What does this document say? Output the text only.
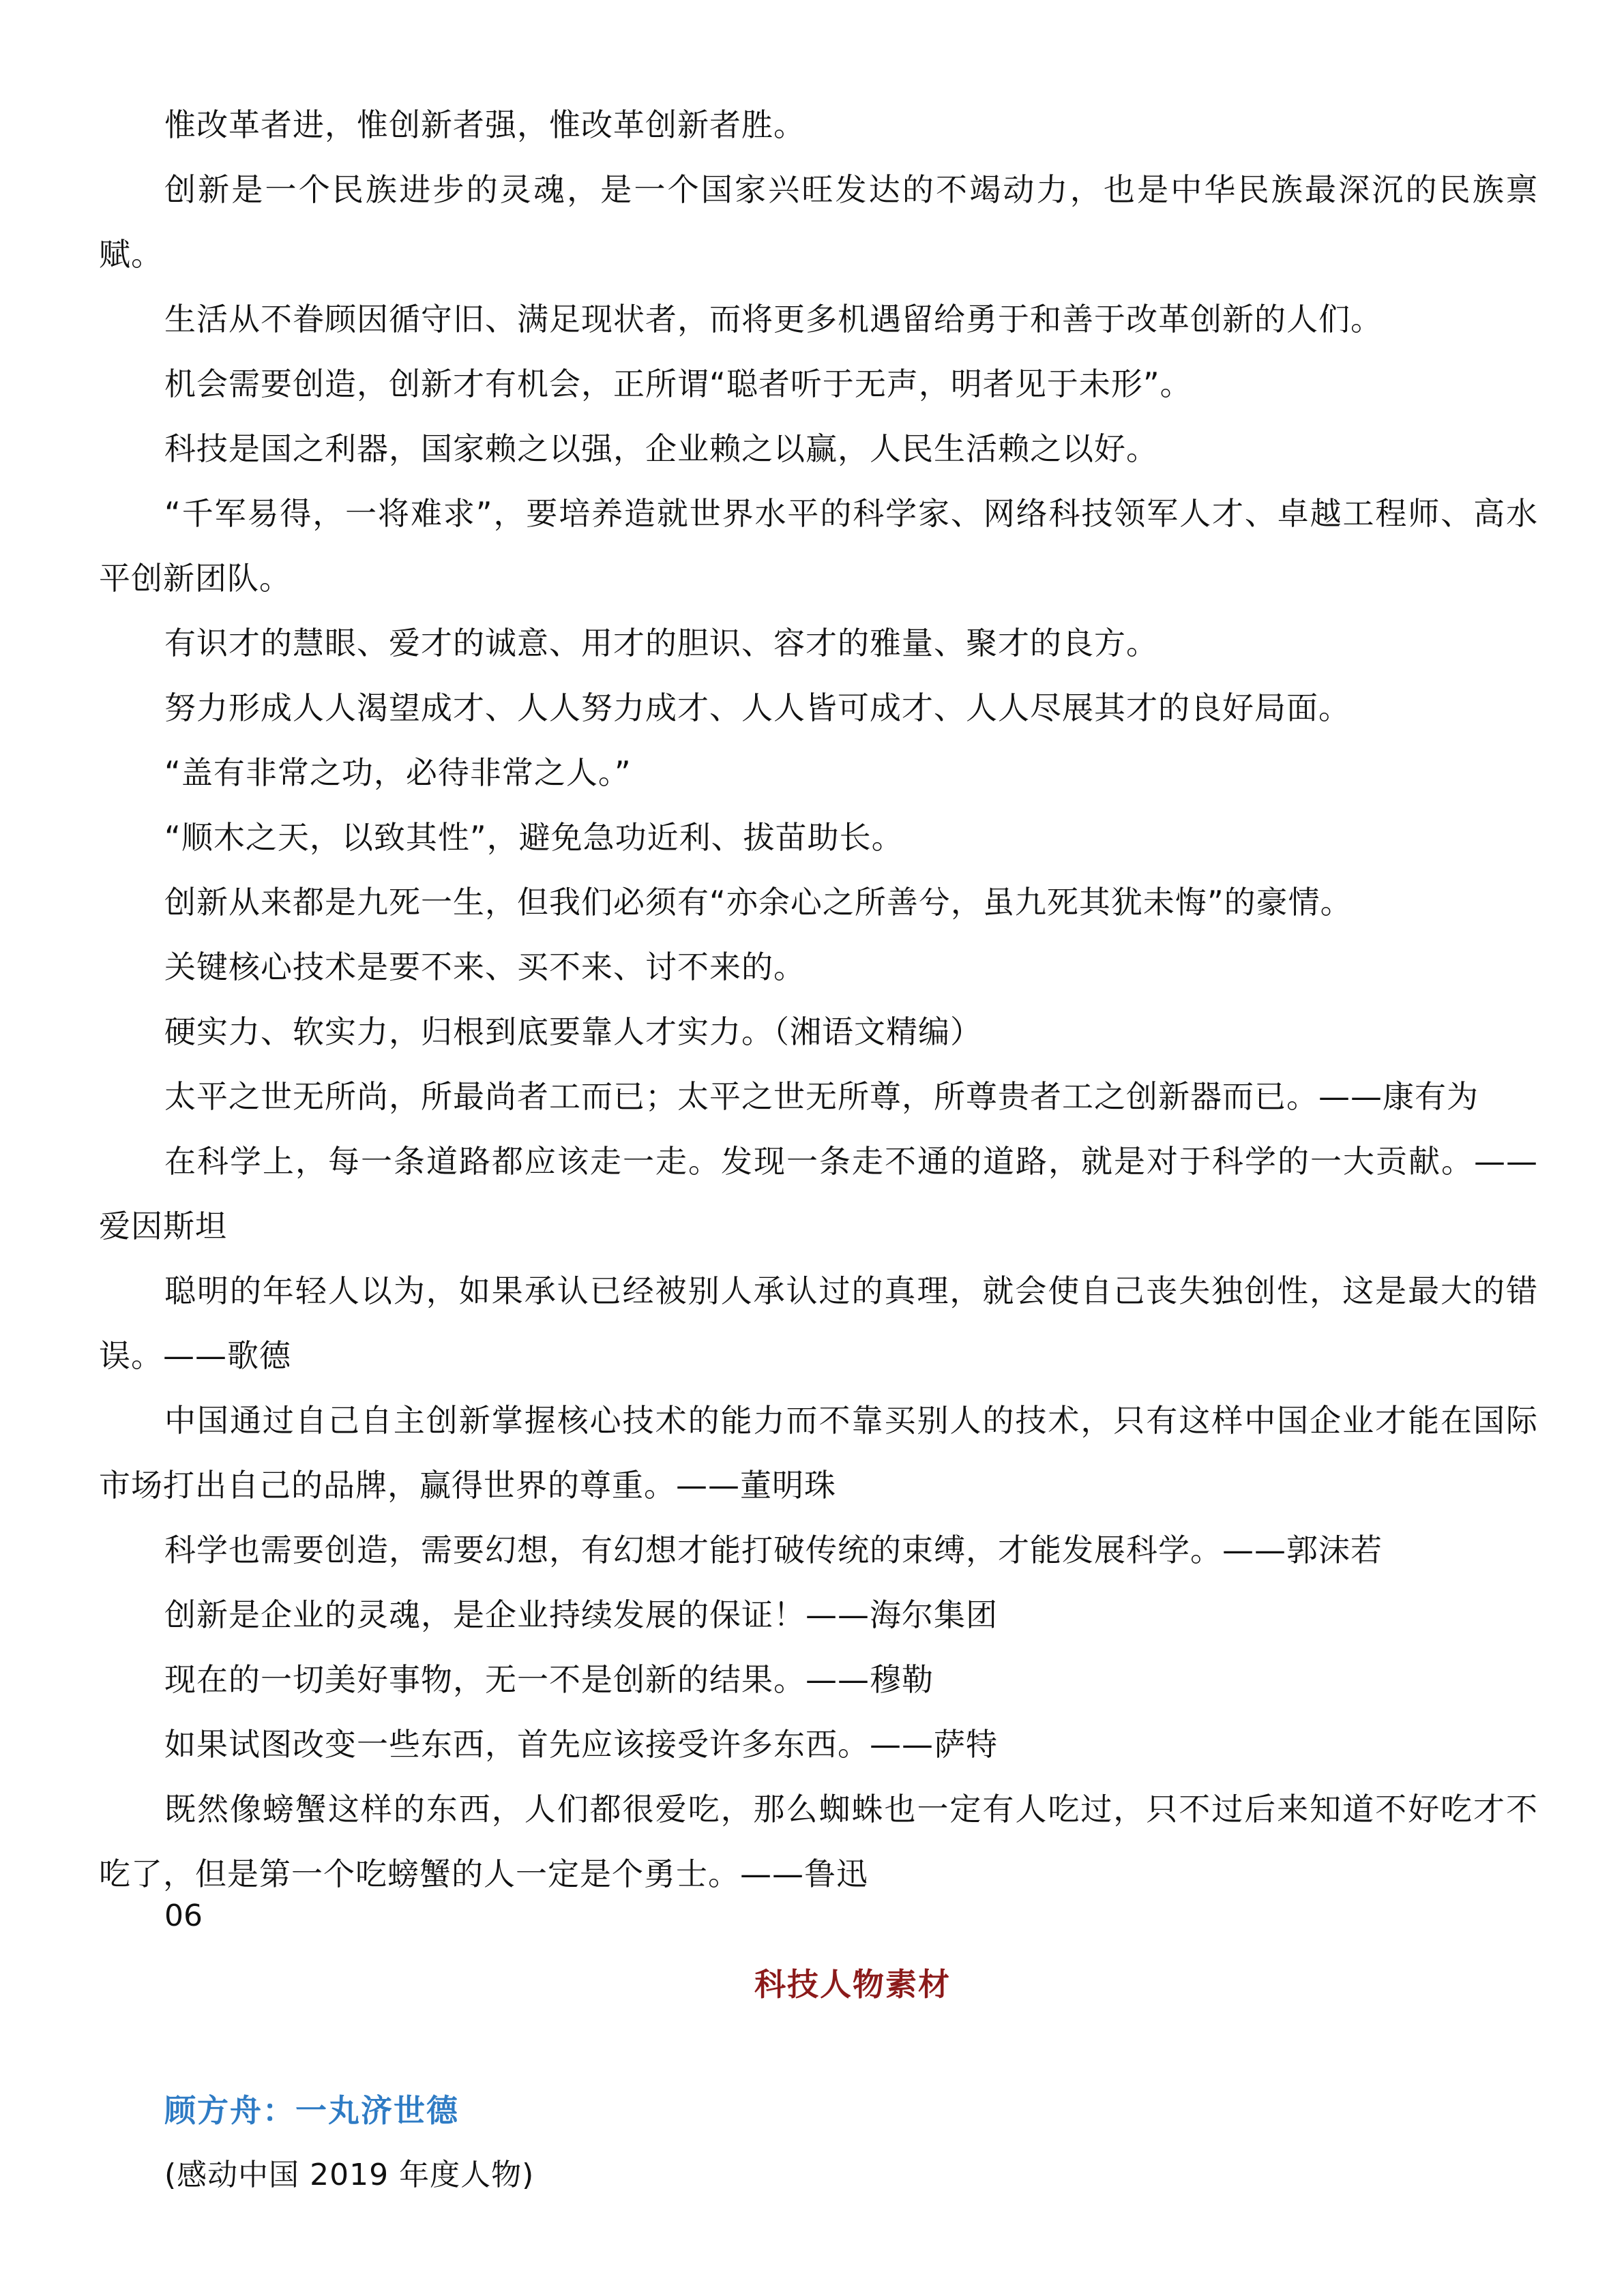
惟改革者进，惟创新者强，惟改革创新者胜。

创新是一个民族进步的灵魂，是一个国家兴旺发达的不竭动力，也是中华民族最深沉的民族禀赋。

生活从不眷顾因循守旧、满足现状者，而将更多机遇留给勇于和善于改革创新的人们。

机会需要创造，创新才有机会，正所谓“聪者听于无声，明者见于未形”。

科技是国之利器，国家赖之以强，企业赖之以赢，人民生活赖之以好。

“千军易得，一将难求”，要培养造就世界水平的科学家、网络科技领军人才、卓越工程师、高水平创新团队。

有识才的慧眼、爱才的诚意、用才的胆识、容才的雅量、聚才的良方。

努力形成人人渴望成才、人人努力成才、人人皆可成才、人人尽展其才的良好局面。

“盖有非常之功，必待非常之人。”

“顺木之天，以致其性”，避免急功近利、拔苗助长。

创新从来都是九死一生，但我们必须有“亦余心之所善兮，虽九死其犹未悔”的豪情。

关键核心技术是要不来、买不来、讨不来的。

硬实力、软实力，归根到底要靠人才实力。（湘语文精编）

太平之世无所尚，所最尚者工而已；太平之世无所尊，所尊贵者工之创新器而已。——康有为

在科学上，每一条道路都应该走一走。发现一条走不通的道路，就是对于科学的一大贡献。——爱因斯坦

聪明的年轻人以为，如果承认已经被别人承认过的真理，就会使自己丧失独创性，这是最大的错误。——歌德

中国通过自己自主创新掌握核心技术的能力而不靠买别人的技术，只有这样中国企业才能在国际市场打出自己的品牌，赢得世界的尊重。——董明珠

科学也需要创造，需要幻想，有幻想才能打破传统的束缚，才能发展科学。——郭沫若

创新是企业的灵魂，是企业持续发展的保证！——海尔集团

现在的一切美好事物，无一不是创新的结果。——穆勒

如果试图改变一些东西，首先应该接受许多东西。——萨特

既然像螃蟹这样的东西，人们都很爱吃，那么蜘蛛也一定有人吃过，只不过后来知道不好吃才不吃了，但是第一个吃螃蟹的人一定是个勇士。——鲁迅

06
科技人物素材
顾方舟：一丸济世德
(感动中国 2019 年度人物)
